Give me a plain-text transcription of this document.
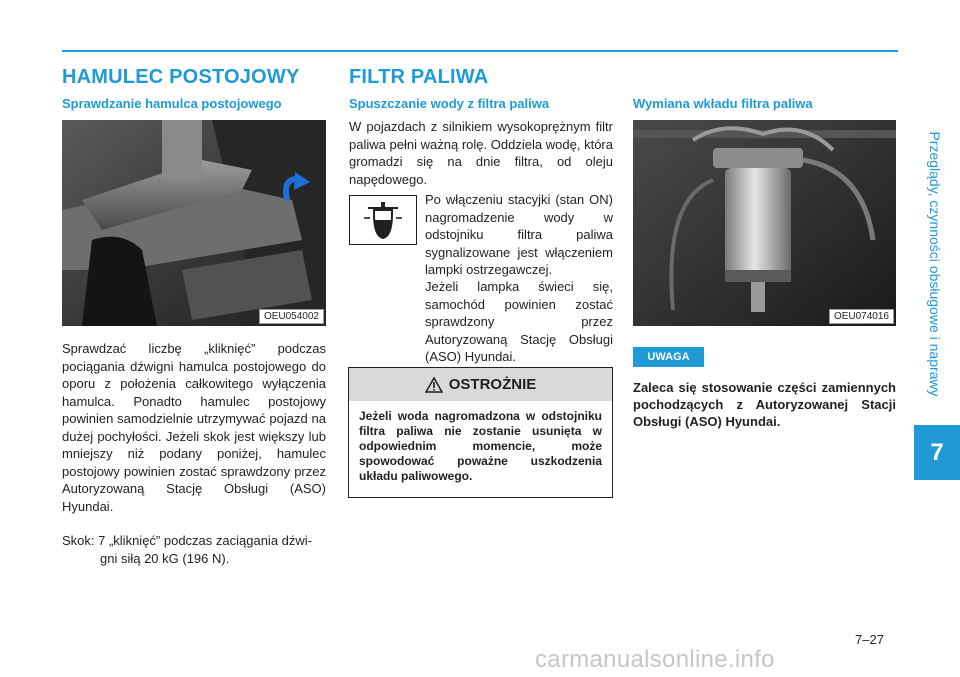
Przeglądy, czynności obsługowe i naprawy
7
HAMULEC POSTOJOWY
Sprawdzanie hamulca postojowego
OEU054002
Sprawdzać liczbę „kliknięć” podczas pociągania dźwigni hamulca postojowego do oporu z położenia całkowitego wyłączenia hamulca. Ponadto hamulec postojowy powinien samodzielnie utrzymywać pojazd na dużej pochyłości. Jeżeli skok jest większy lub mniejszy niż podany poniżej, hamulec postojowy powinien zostać sprawdzony przez Autoryzowaną Stację Obsługi (ASO) Hyundai.
Skok: 7 „kliknięć” podczas zaciągania dźwi-
gni siłą 20 kG (196 N).
FILTR PALIWA
Spuszczanie wody z filtra paliwa
W pojazdach z silnikiem wysokoprężnym filtr paliwa pełni ważną rolę. Oddziela wodę, która gromadzi się na dnie filtra, od oleju napędowego.
Po włączeniu stacyjki (stan ON) nagromadzenie wody w odstojniku filtra paliwa sygnalizowane jest włączeniem lampki ostrzegawczej.
Jeżeli lampka świeci się, samochód powinien zostać sprawdzony przez Autoryzowaną Stację Obsługi (ASO) Hyundai.
OSTROŻNIE
Jeżeli woda nagromadzona w odstojniku filtra paliwa nie zostanie usunięta w odpowiednim momencie, może spowodować poważne uszkodzenia układu paliwowego.
Wymiana wkładu filtra paliwa
OEU074016
UWAGA
Zaleca się stosowanie części zamiennych pochodzących z Autoryzowanej Stacji Obsługi (ASO) Hyundai.
7–27
carmanualsonline.info
